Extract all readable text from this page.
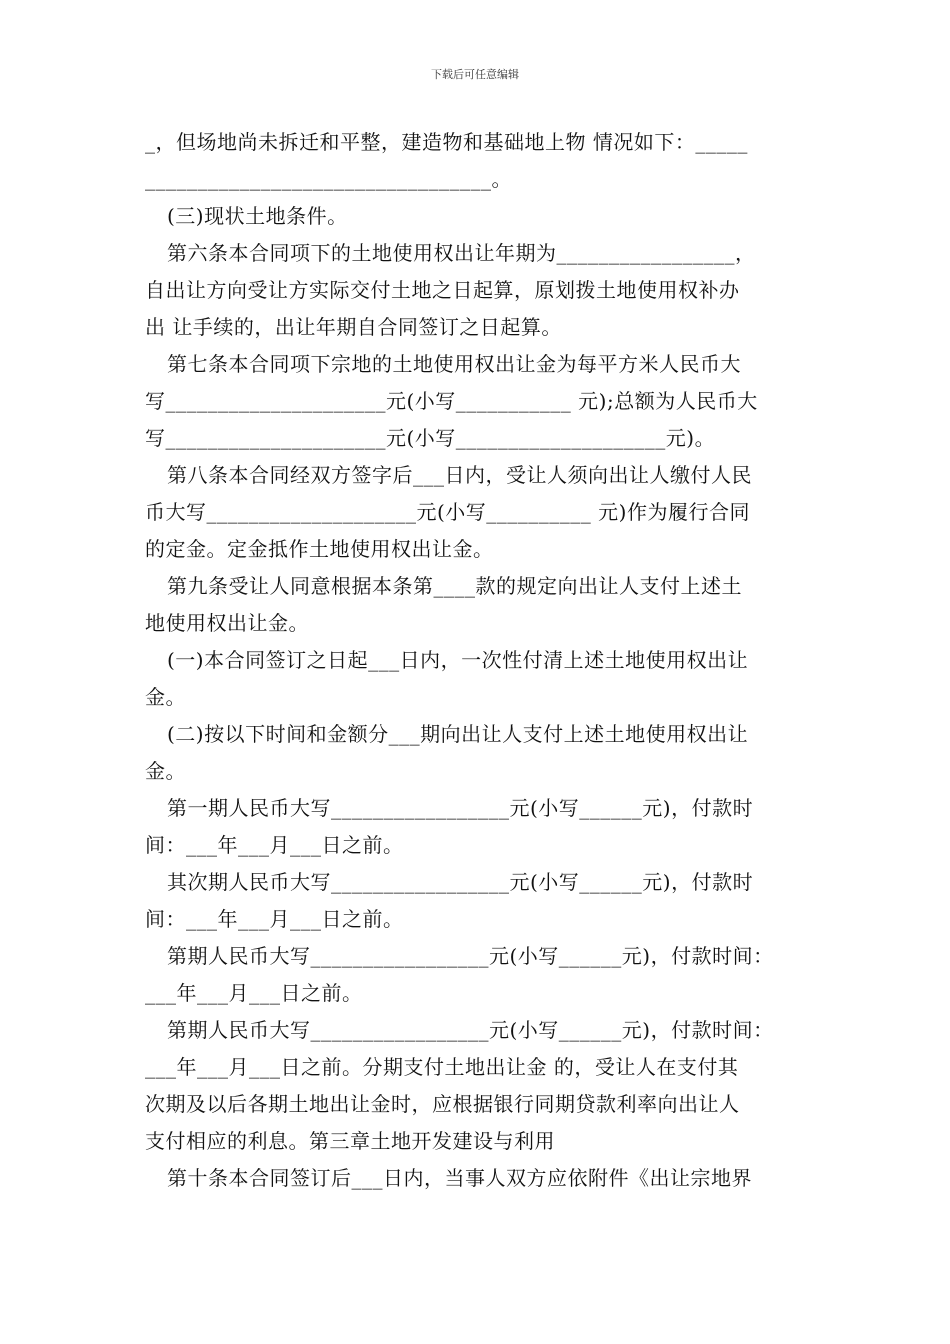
下载后可任意编辑
_，但场地尚未拆迁和平整，建造物和基础地上物 情况如下：_____
_________________________________。
(三)现状土地条件。
第六条本合同项下的土地使用权出让年期为_________________，
自出让方向受让方实际交付土地之日起算，原划拨土地使用权补办
出 让手续的，出让年期自合同签订之日起算。
第七条本合同项下宗地的土地使用权出让金为每平方米人民币大
写_____________________元(小写___________ 元);总额为人民币大
写_____________________元(小写____________________元)。
第八条本合同经双方签字后___日内，受让人须向出让人缴付人民
币大写____________________元(小写__________ 元)作为履行合同
的定金。定金抵作土地使用权出让金。
第九条受让人同意根据本条第____款的规定向出让人支付上述土
地使用权出让金。
(一)本合同签订之日起___日内，一次性付清上述土地使用权出让
金。
(二)按以下时间和金额分___期向出让人支付上述土地使用权出让
金。
第一期人民币大写_________________元(小写______元)，付款时
间：___年___月___日之前。
其次期人民币大写_________________元(小写______元)，付款时
间：___年___月___日之前。
第期人民币大写_________________元(小写______元)，付款时间：
___年___月___日之前。
第期人民币大写_________________元(小写______元)，付款时间：
___年___月___日之前。分期支付土地出让金 的，受让人在支付其
次期及以后各期土地出让金时，应根据银行同期贷款利率向出让人
支付相应的利息。第三章土地开发建设与利用
第十条本合同签订后___日内，当事人双方应依附件《出让宗地界
